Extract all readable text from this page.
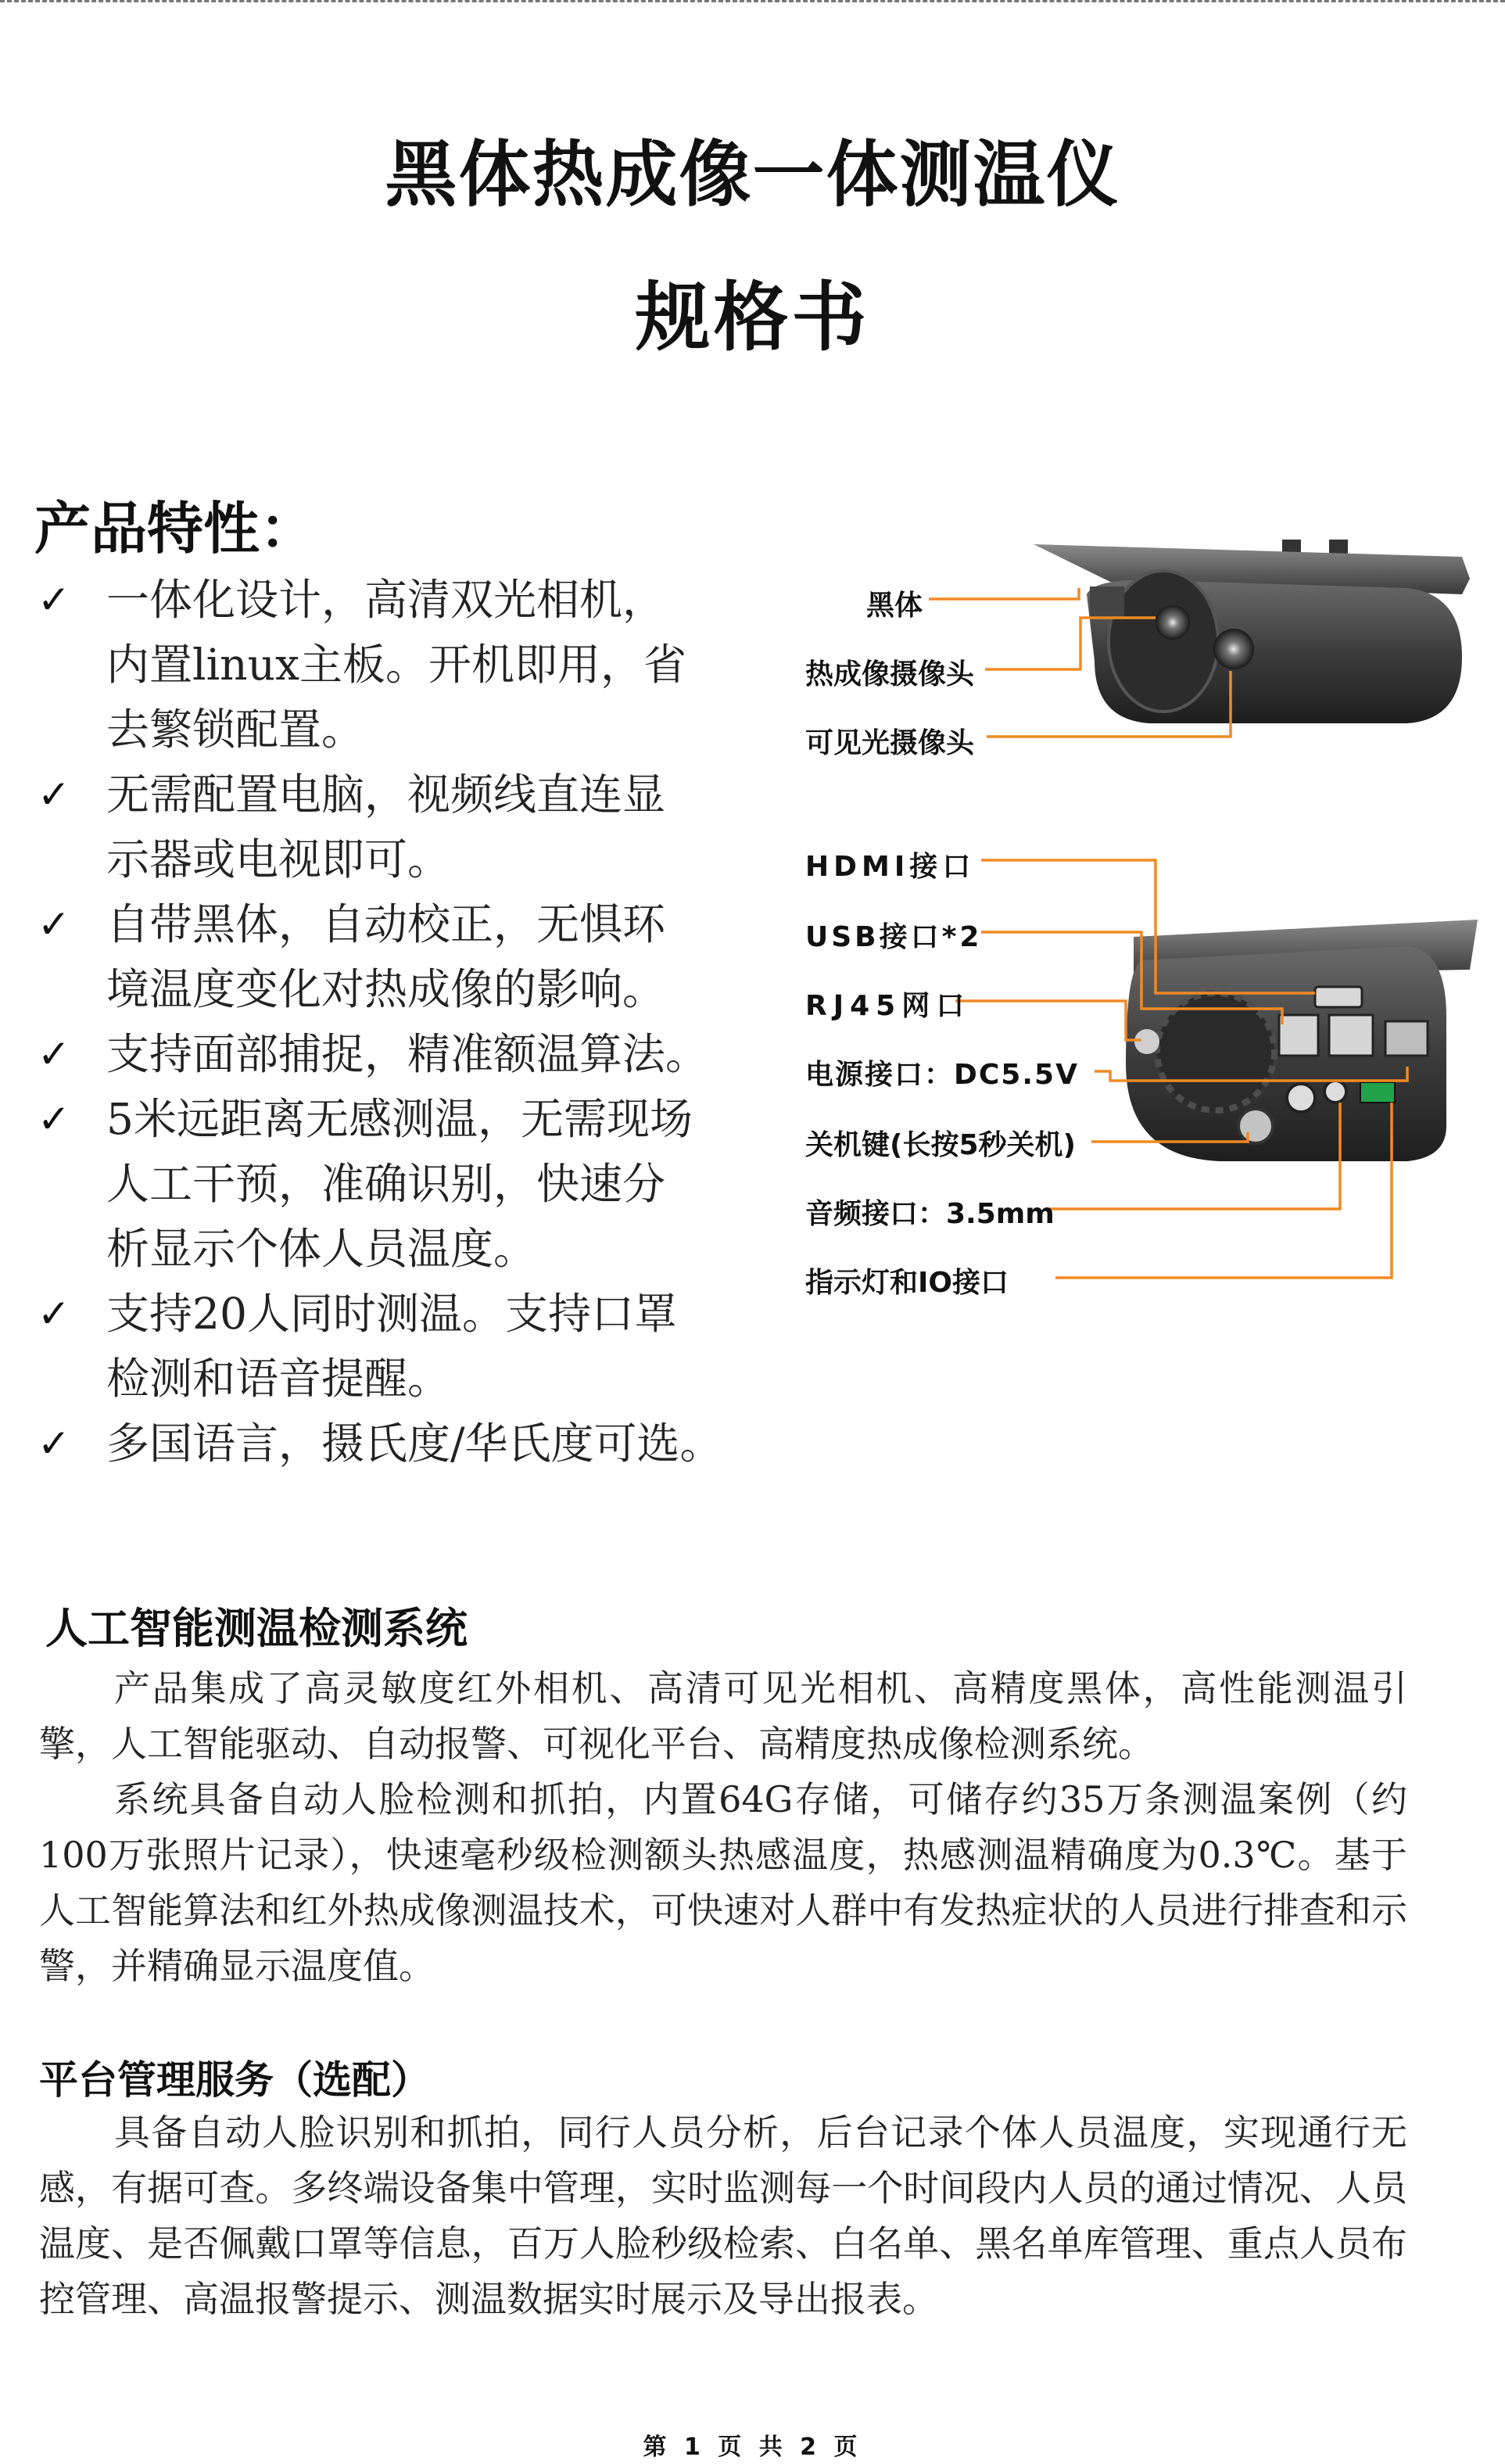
黑体热成像一体测温仪
规格书
产品特性：
✓ 一体化设计，高清双光相机，
内置linux主板。开机即用，省
去繁锁配置。
✓ 无需配置电脑，视频线直连显
示器或电视即可。
✓ 自带黑体，自动校正，无惧环
境温度变化对热成像的影响。
✓ 支持面部捕捉，精准额温算法。
✓ 5米远距离无感测温，无需现场
人工干预，准确识别，快速分
析显示个体人员温度。
✓ 支持20人同时测温。支持口罩
检测和语音提醒。
✓ 多国语言，摄氏度/华氏度可选。
黑体
热成像摄像头
可见光摄像头
HDMI接口
USB接口*2
RJ45网口
电源接口：DC5.5V
关机键(长按5秒关机)
音频接口：3.5mm
指示灯和IO接口
人工智能测温检测系统

产品集成了高灵敏度红外相机、高清可见光相机、高精度黑体，高性能测温引擎，人工智能驱动、自动报警、可视化平台、高精度热成像检测系统。

系统具备自动人脸检测和抓拍，内置64G存储，可储存约35万条测温案例（约100万张照片记录），快速毫秒级检测额头热感温度，热感测温精确度为0.3℃。基于人工智能算法和红外热成像测温技术，可快速对人群中有发热症状的人员进行排查和示警，并精确显示温度值。

平台管理服务（选配）

具备自动人脸识别和抓拍，同行人员分析，后台记录个体人员温度，实现通行无感，有据可查。多终端设备集中管理，实时监测每一个时间段内人员的通过情况、人员温度、是否佩戴口罩等信息，百万人脸秒级检索、白名单、黑名单库管理、重点人员布控管理、高温报警提示、测温数据实时展示及导出报表。

第 1 页 共 2 页
